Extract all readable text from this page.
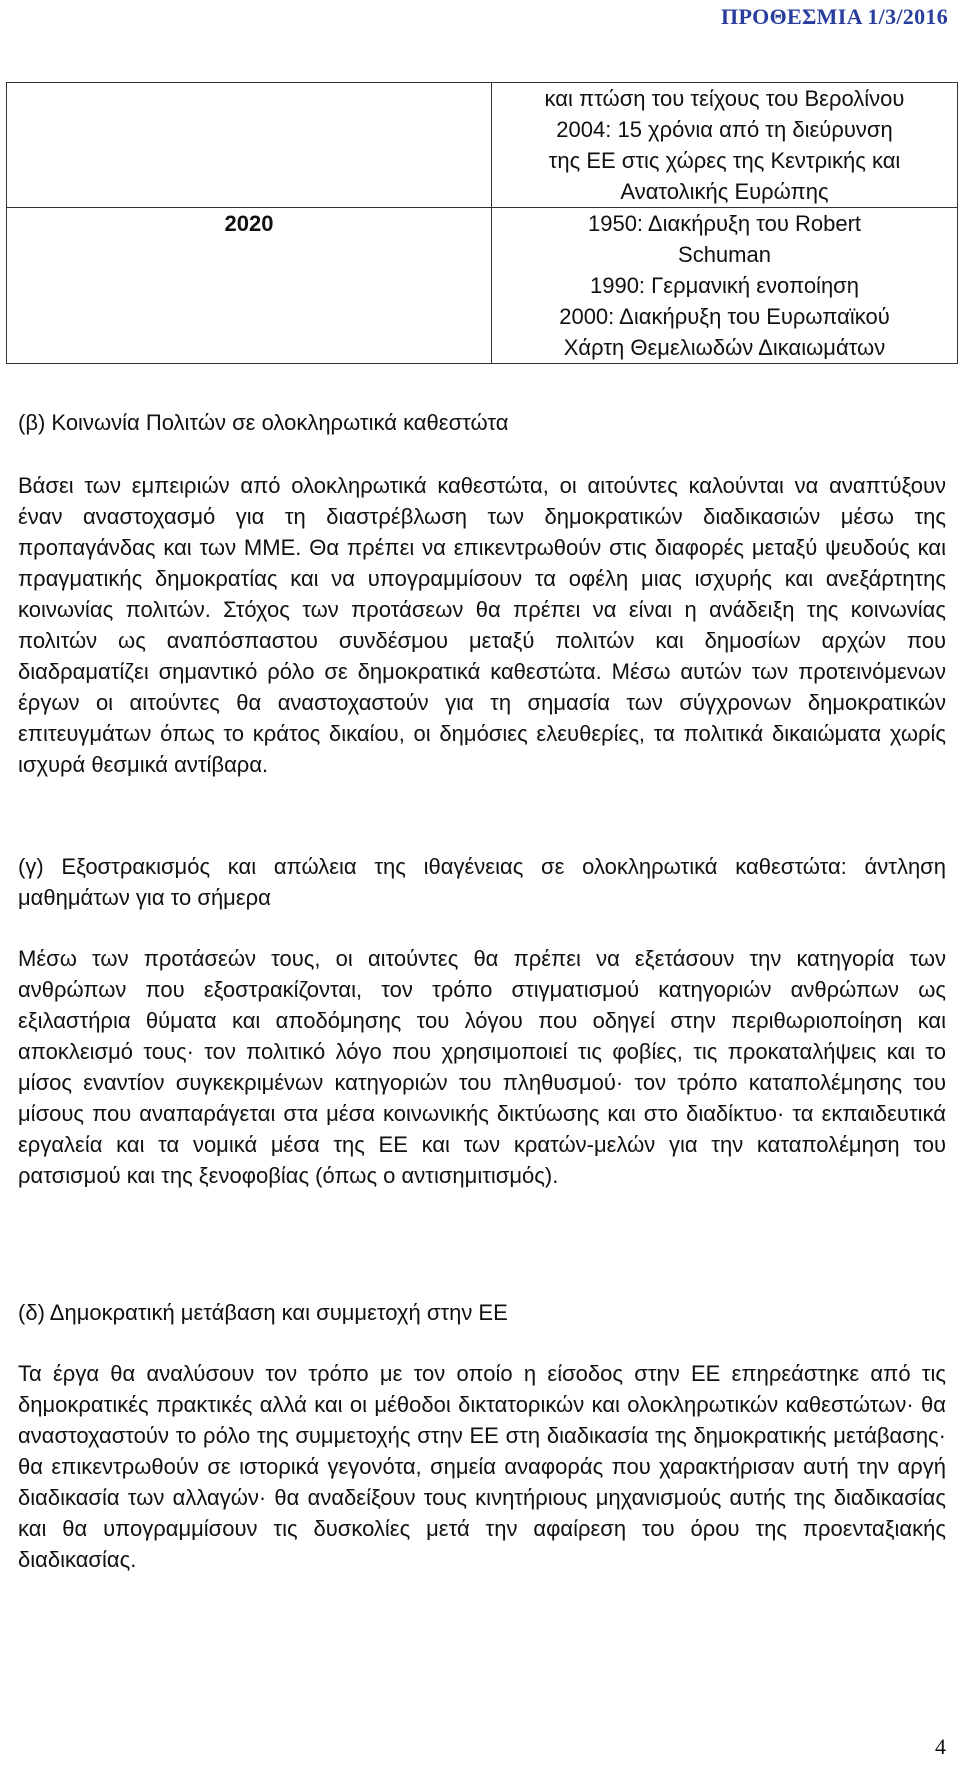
ΠΡΟΘΕΣΜΙΑ 1/3/2016

	και πτώση του τείχους του Βερολίνου
2004: 15 χρόνια από τη διεύρυνση
της ΕΕ στις χώρες της Κεντρικής και
Ανατολικής Ευρώπης

2020	1950: Διακήρυξη του Robert
Schuman
1990: Γερμανική ενοποίηση
2000: Διακήρυξη του Ευρωπαϊκού
Χάρτη Θεμελιωδών Δικαιωμάτων
(β) Κοινωνία Πολιτών σε ολοκληρωτικά καθεστώτα
Βάσει των εμπειριών από ολοκληρωτικά καθεστώτα, οι αιτούντες καλούνται να αναπτύξουν έναν αναστοχασμό για τη διαστρέβλωση των δημοκρατικών διαδικασιών μέσω της προπαγάνδας και των ΜΜΕ. Θα πρέπει να επικεντρωθούν στις διαφορές μεταξύ ψευδούς και πραγματικής δημοκρατίας και να υπογραμμίσουν τα οφέλη μιας ισχυρής και ανεξάρτητης κοινωνίας πολιτών. Στόχος των προτάσεων θα πρέπει να είναι η ανάδειξη της κοινωνίας πολιτών ως αναπόσπαστου συνδέσμου μεταξύ πολιτών και δημοσίων αρχών που διαδραματίζει σημαντικό ρόλο σε δημοκρατικά καθεστώτα. Μέσω αυτών των προτεινόμενων έργων οι αιτούντες θα αναστοχαστούν για τη σημασία των σύγχρονων δημοκρατικών επιτευγμάτων όπως το κράτος δικαίου, οι δημόσιες ελευθερίες, τα πολιτικά δικαιώματα χωρίς ισχυρά θεσμικά αντίβαρα.
(γ) Εξοστρακισμός και απώλεια της ιθαγένειας σε ολοκληρωτικά καθεστώτα: άντληση μαθημάτων για το σήμερα
Μέσω των προτάσεών τους, οι αιτούντες θα πρέπει να εξετάσουν την κατηγορία των ανθρώπων που εξοστρακίζονται, τον τρόπο στιγματισμού κατηγοριών ανθρώπων ως εξιλαστήρια θύματα και αποδόμησης του λόγου που οδηγεί στην περιθωριοποίηση και αποκλεισμό τους· τον πολιτικό λόγο που χρησιμοποιεί τις φοβίες, τις προκαταλήψεις και το μίσος εναντίον συγκεκριμένων κατηγοριών του πληθυσμού· τον τρόπο καταπολέμησης του μίσους που αναπαράγεται στα μέσα κοινωνικής δικτύωσης και στο διαδίκτυο· τα εκπαιδευτικά εργαλεία και τα νομικά μέσα της ΕΕ και των κρατών-μελών για την καταπολέμηση του ρατσισμού και της ξενοφοβίας (όπως ο αντισημιτισμός).
(δ) Δημοκρατική μετάβαση και συμμετοχή στην ΕΕ
Τα έργα θα αναλύσουν τον τρόπο με τον οποίο η είσοδος στην ΕΕ επηρεάστηκε από τις δημοκρατικές πρακτικές αλλά και οι μέθοδοι δικτατορικών και ολοκληρωτικών καθεστώτων· θα αναστοχαστούν το ρόλο της συμμετοχής στην ΕΕ στη διαδικασία της δημοκρατικής μετάβασης· θα επικεντρωθούν σε ιστορικά γεγονότα, σημεία αναφοράς που χαρακτήρισαν αυτή την αργή διαδικασία των αλλαγών· θα αναδείξουν τους κινητήριους μηχανισμούς αυτής της διαδικασίας και θα υπογραμμίσουν τις δυσκολίες μετά την αφαίρεση του όρου της προενταξιακής διαδικασίας.
4
